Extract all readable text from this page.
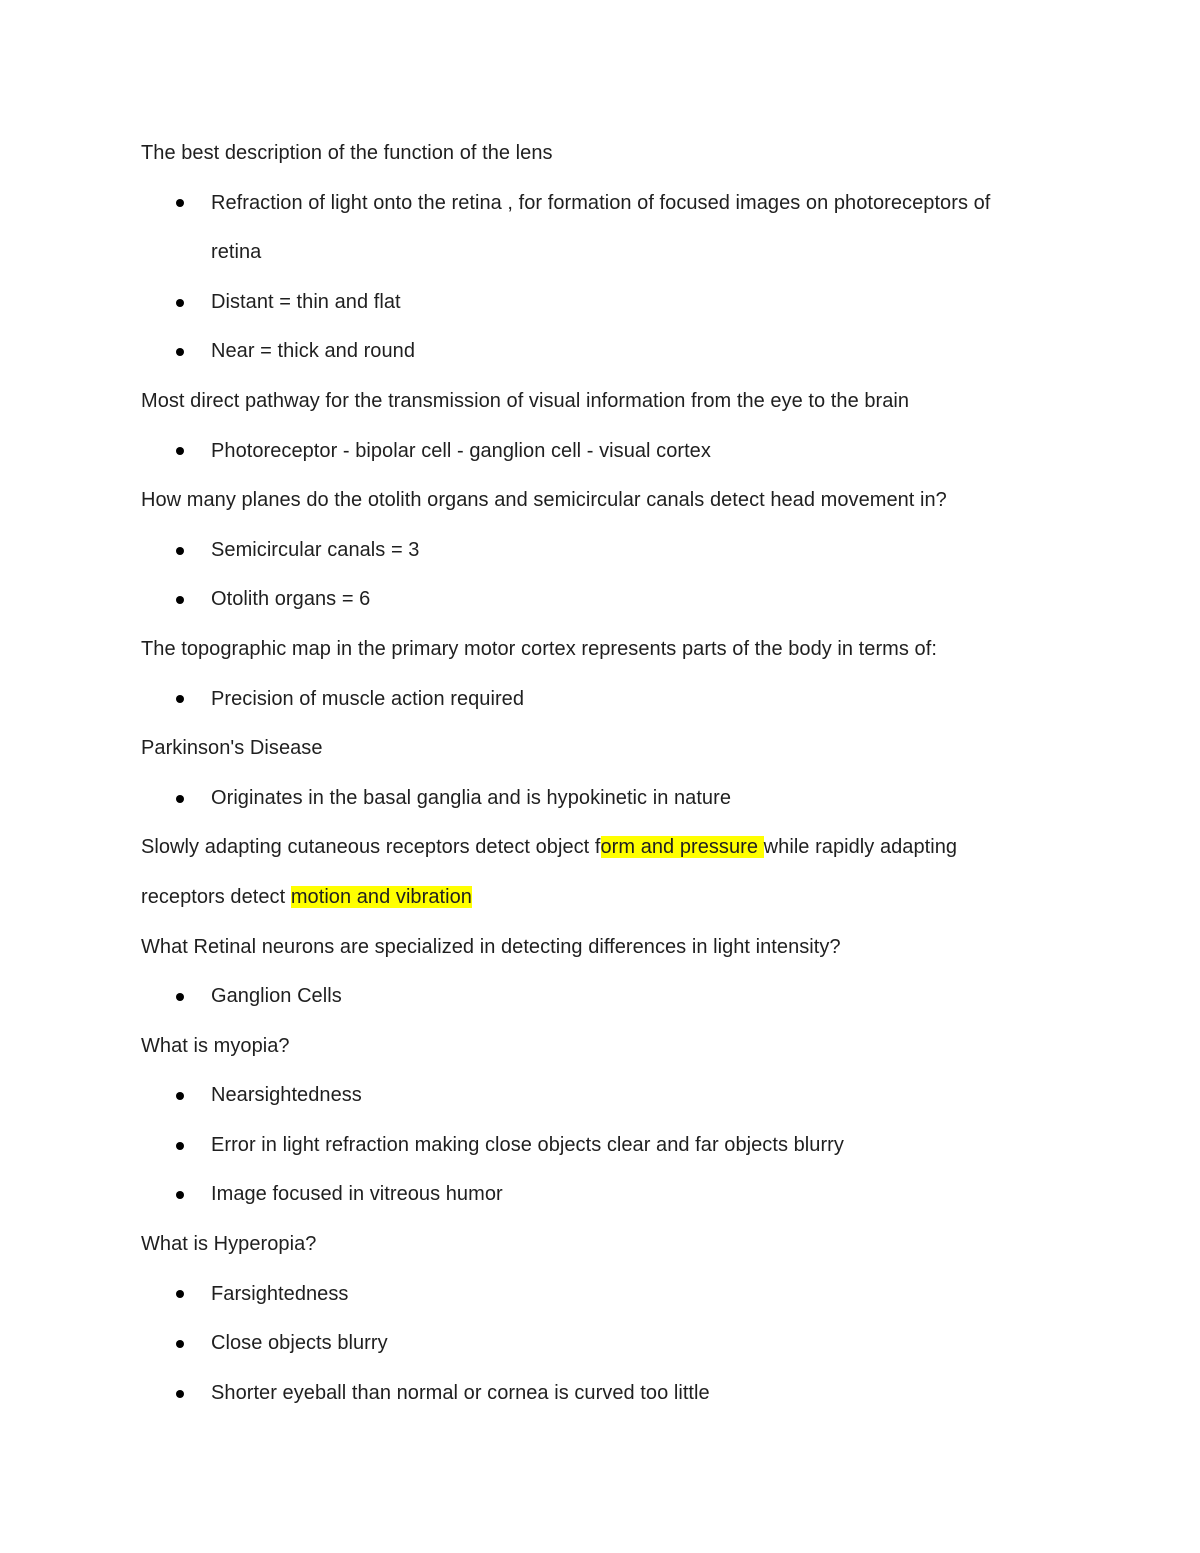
The best description of the function of the lens
Refraction of light onto the retina , for formation of focused images on photoreceptors of
retina
Distant = thin and flat
Near = thick and round
Most direct pathway for the transmission of visual information from the eye to the brain
Photoreceptor - bipolar cell - ganglion cell - visual cortex
How many planes do the otolith organs and semicircular canals detect head movement in?
Semicircular canals = 3
Otolith organs = 6
The topographic map in the primary motor cortex represents parts of the body in terms of:
Precision of muscle action required
Parkinson's Disease
Originates in the basal ganglia and is hypokinetic in nature
Slowly adapting cutaneous receptors detect object form and pressure while rapidly adapting
receptors detect motion and vibration
What Retinal neurons are specialized in detecting differences in light intensity?
Ganglion Cells
What is myopia?
Nearsightedness
Error in light refraction making close objects clear and far objects blurry
Image focused in vitreous humor
What is Hyperopia?
Farsightedness
Close objects blurry
Shorter eyeball than normal or cornea is curved too little
